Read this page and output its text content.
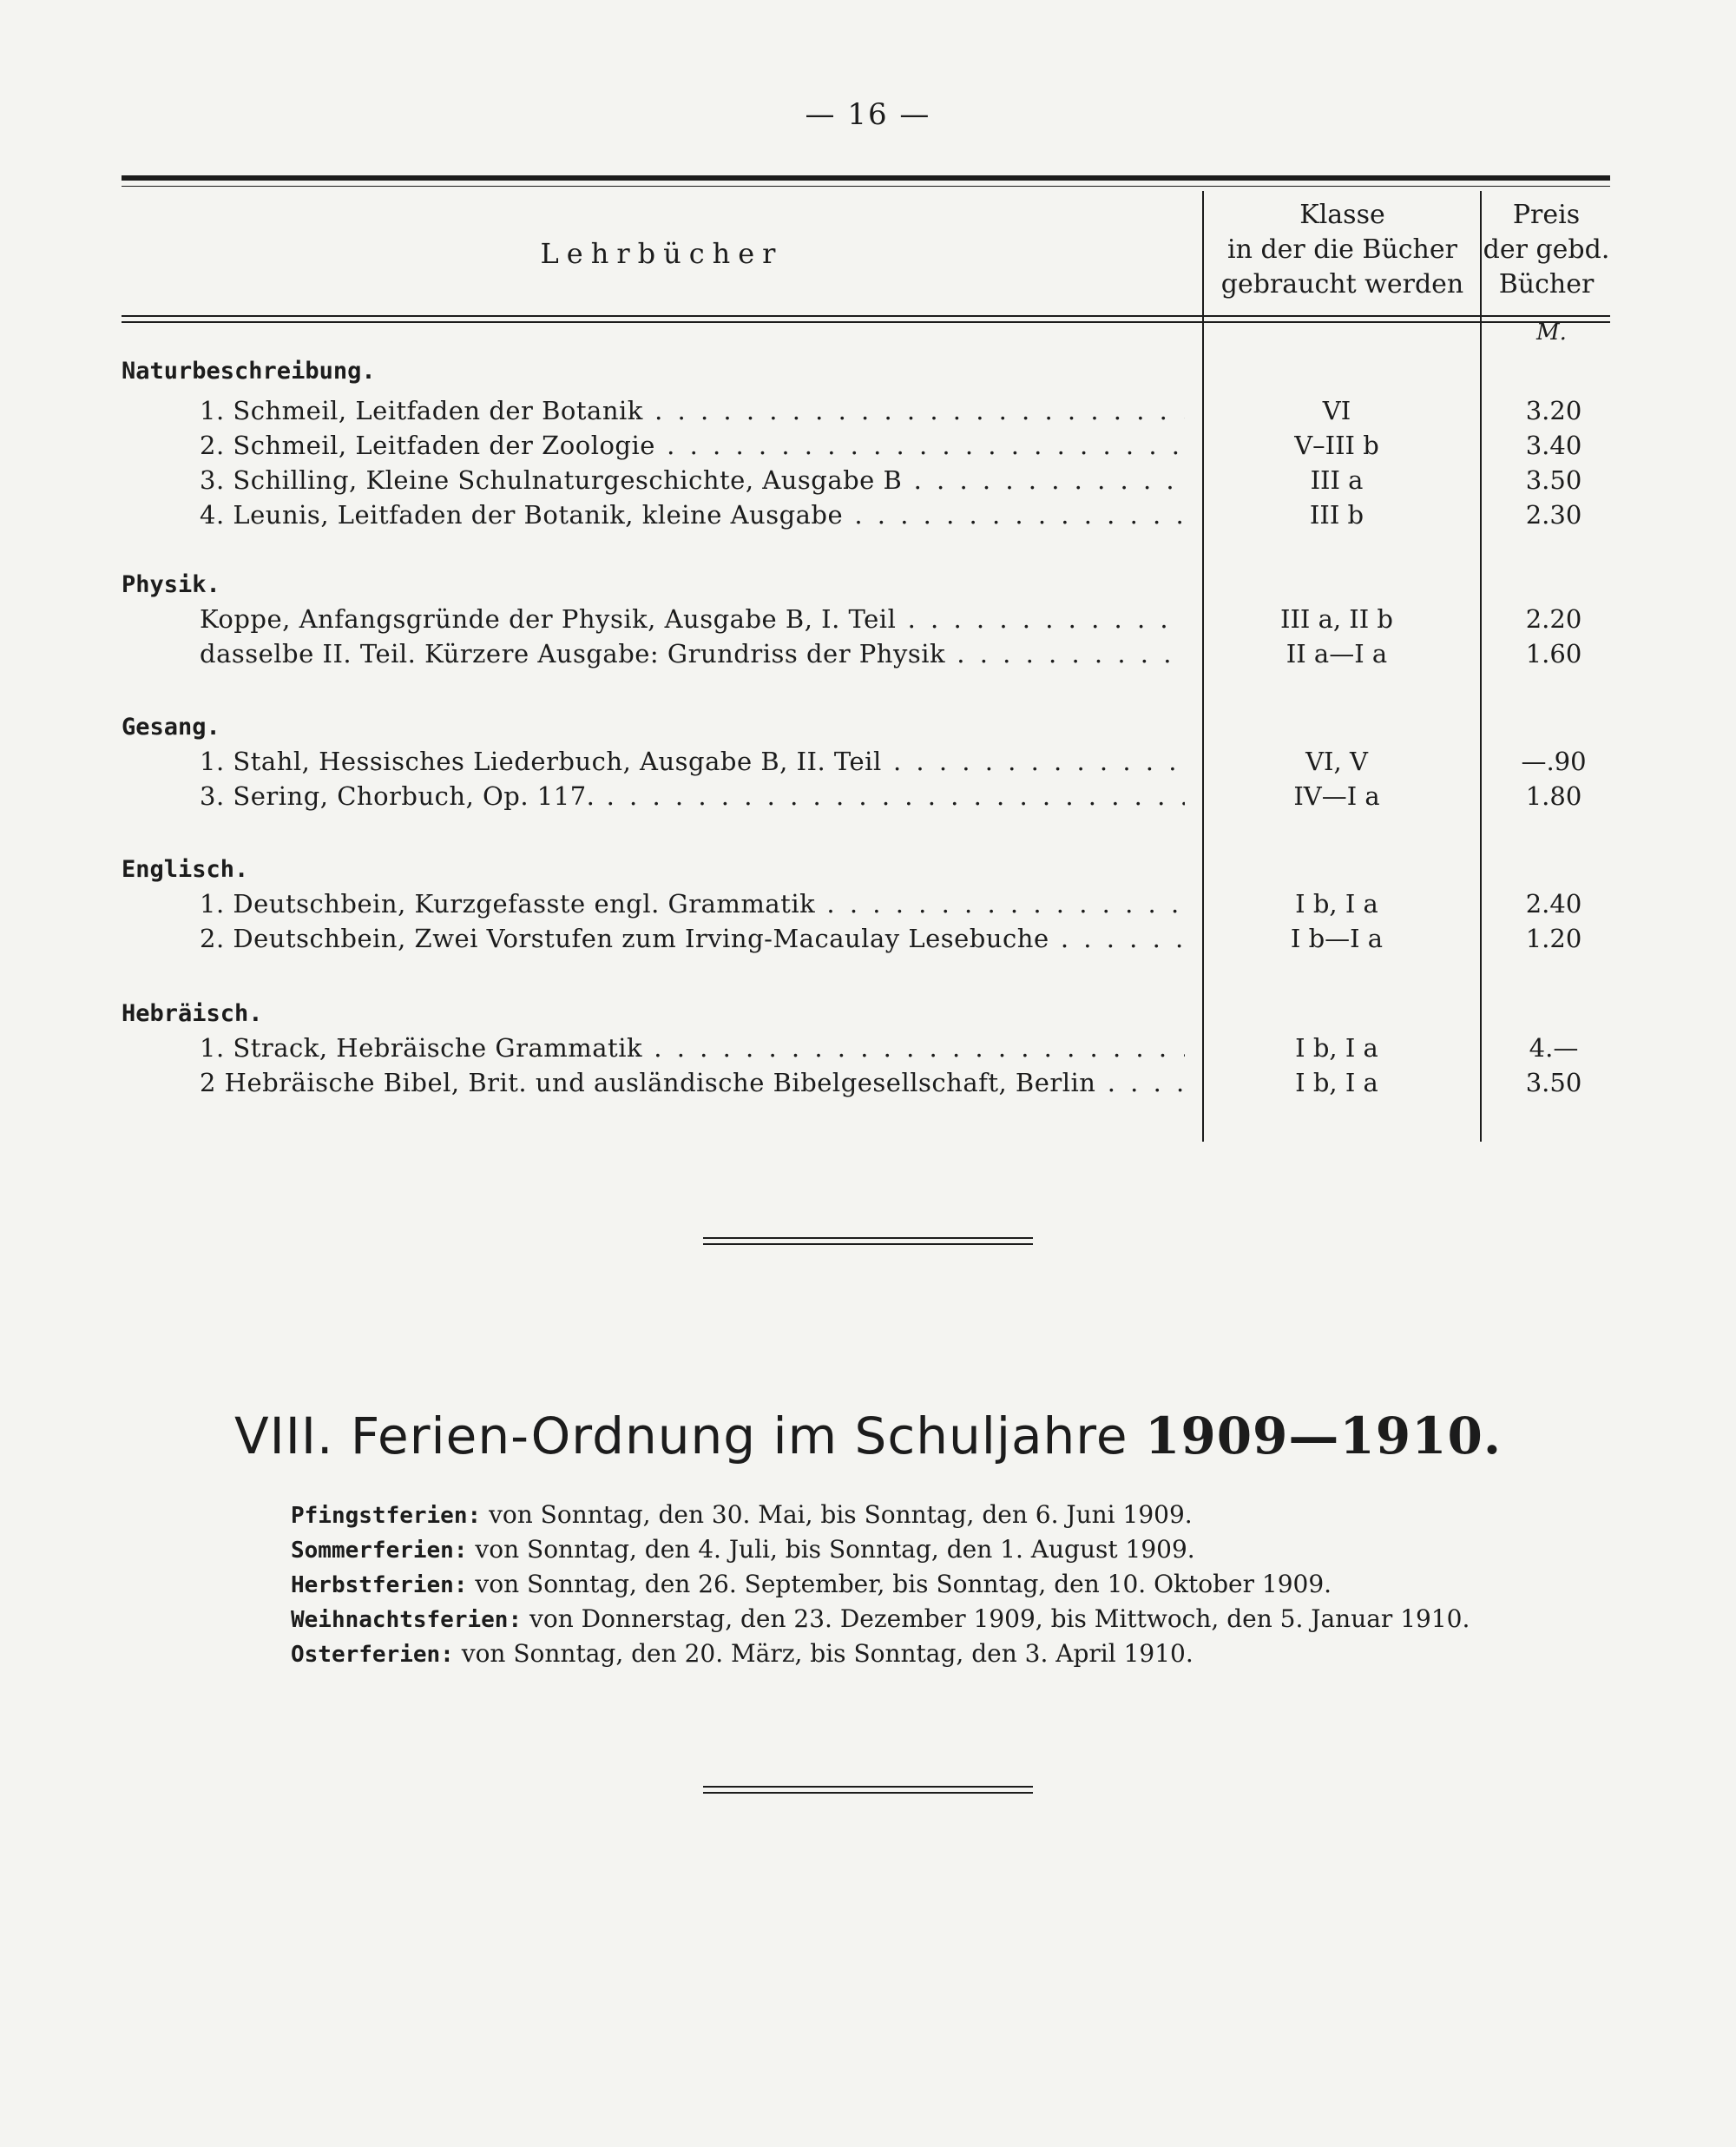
— 16 —
Lehrbücher
Klasse
in der die Bücher
gebraucht werden
Preis
der gebd.
Bücher
M.
Naturbeschreibung.
1. Schmeil, Leitfaden der Botanik . . .	VI	3.20
2. Schmeil, Leitfaden der Zoologie . . .	V–III b	3.40
3. Schilling, Kleine Schulnaturgeschichte, Ausgabe B . . .	III a	3.50
4. Leunis, Leitfaden der Botanik, kleine Ausgabe . . .	III b	2.30
Physik.
Koppe, Anfangsgründe der Physik, Ausgabe B, I. Teil . . .	III a, II b	2.20
dasselbe II. Teil. Kürzere Ausgabe: Grundriss der Physik . . .	II a—I a	1.60
Gesang.
1. Stahl, Hessisches Liederbuch, Ausgabe B, II. Teil . . .	VI, V	—.90
3. Sering, Chorbuch, Op. 117. . . .	IV—I a	1.80
Englisch.
1. Deutschbein, Kurzgefasste engl. Grammatik . . .	I b, I a	2.40
2. Deutschbein, Zwei Vorstufen zum Irving-Macaulay Lesebuche . . .	I b—I a	1.20
Hebräisch.
1. Strack, Hebräische Grammatik . . .	I b, I a	4.—
2 Hebräische Bibel, Brit. und ausländische Bibelgesellschaft, Berlin . . .	I b, I a	3.50
VIII. Ferien-Ordnung im Schuljahre 1909—1910.
Pfingstferien: von Sonntag, den 30. Mai, bis Sonntag, den 6. Juni 1909.
Sommerferien: von Sonntag, den 4. Juli, bis Sonntag, den 1. August 1909.
Herbstferien: von Sonntag, den 26. September, bis Sonntag, den 10. Oktober 1909.
Weihnachtsferien: von Donnerstag, den 23. Dezember 1909, bis Mittwoch, den 5. Januar 1910.
Osterferien: von Sonntag, den 20. März, bis Sonntag, den 3. April 1910.
